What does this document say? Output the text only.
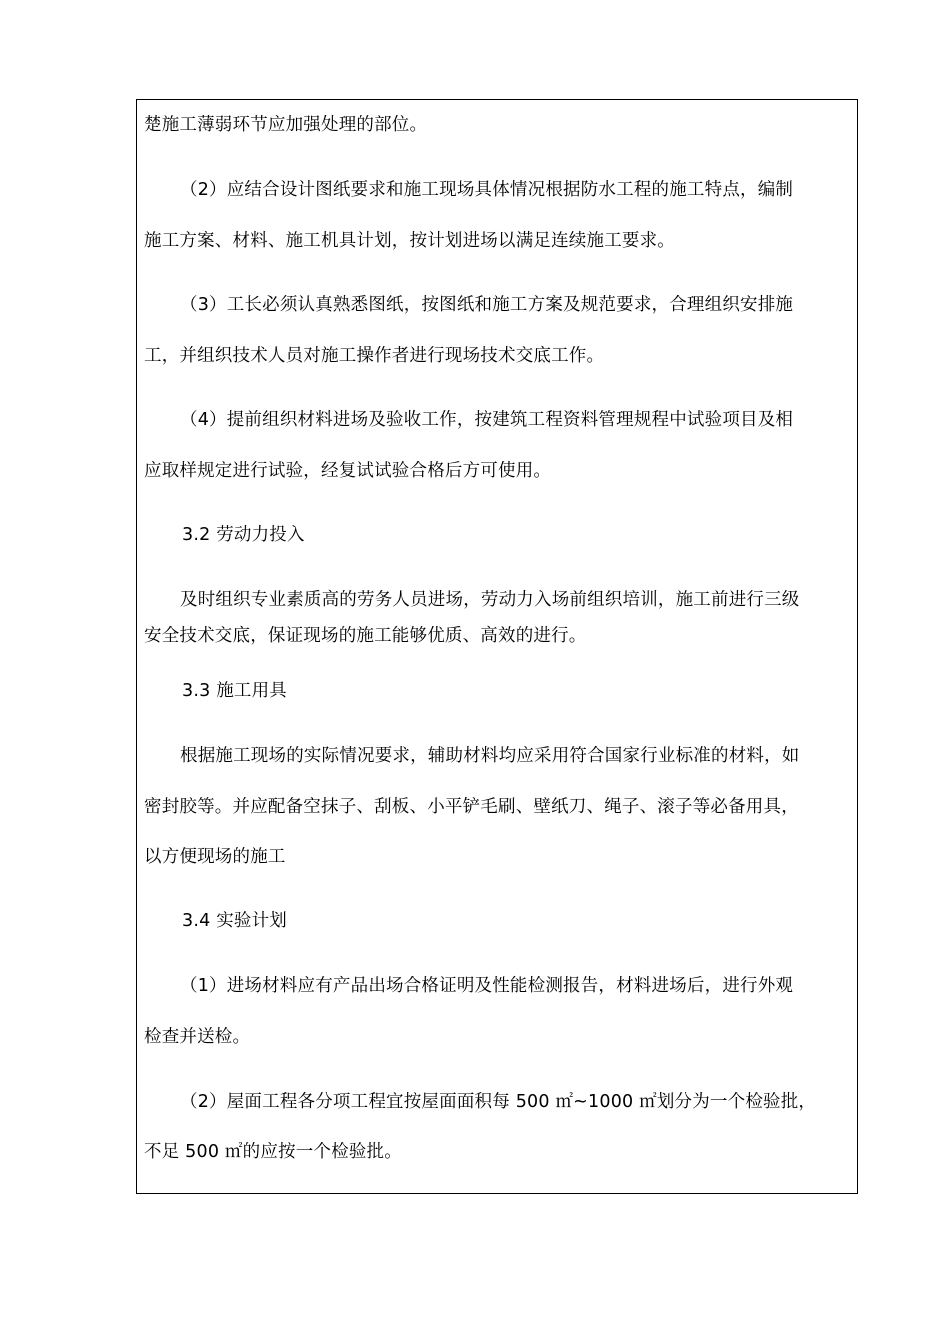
楚施工薄弱环节应加强处理的部位。

（2）应结合设计图纸要求和施工现场具体情况根据防水工程的施工特点，编制

施工方案、材料、施工机具计划，按计划进场以满足连续施工要求。

（3）工长必须认真熟悉图纸，按图纸和施工方案及规范要求，合理组织安排施

工，并组织技术人员对施工操作者进行现场技术交底工作。

（4）提前组织材料进场及验收工作，按建筑工程资料管理规程中试验项目及相

应取样规定进行试验，经复试试验合格后方可使用。

3.2 劳动力投入

及时组织专业素质高的劳务人员进场，劳动力入场前组织培训，施工前进行三级

安全技术交底，保证现场的施工能够优质、高效的进行。

3.3 施工用具

根据施工现场的实际情况要求，辅助材料均应采用符合国家行业标准的材料，如

密封胶等。并应配备空抹子、刮板、小平铲毛刷、壁纸刀、绳子、滚子等必备用具，

以方便现场的施工

3.4 实验计划

（1）进场材料应有产品出场合格证明及性能检测报告，材料进场后，进行外观

检查并送检。

（2）屋面工程各分项工程宜按屋面面积每 500 ㎡~1000 ㎡划分为一个检验批，

不足 500 ㎡的应按一个检验批。
